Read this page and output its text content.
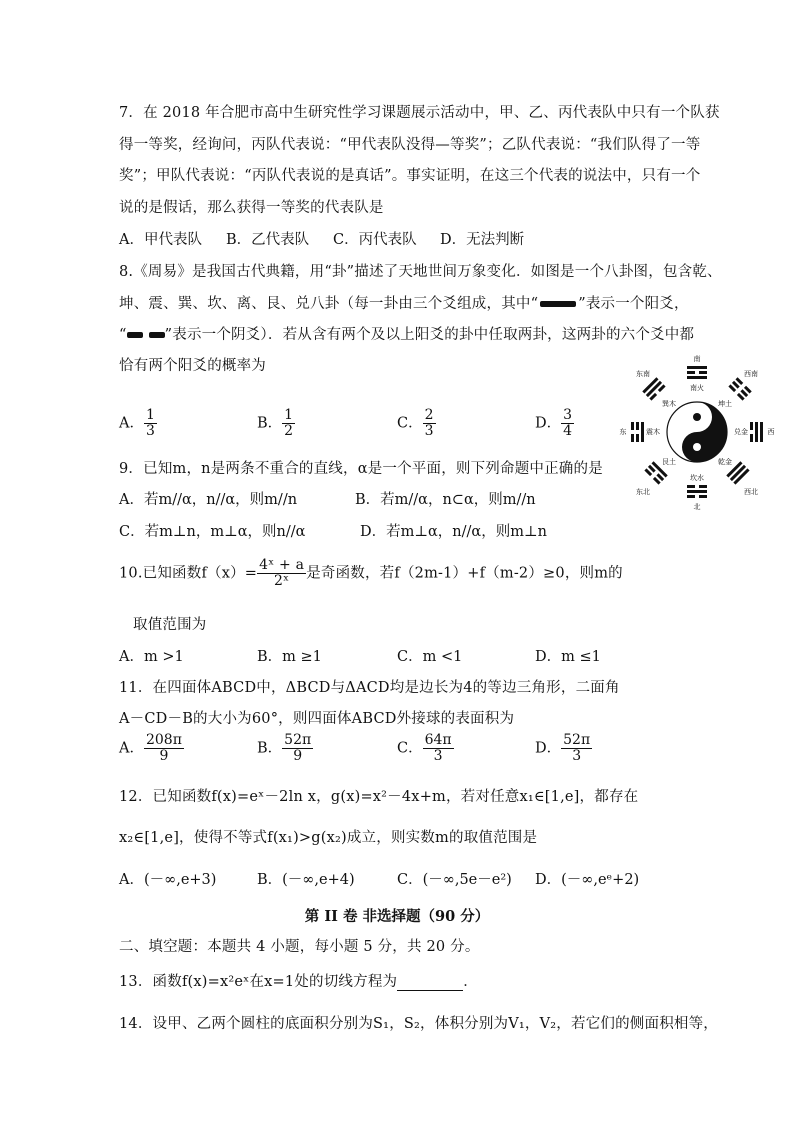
7．在 2018 年合肥市高中生研究性学习课题展示活动中，甲、乙、丙代表队中只有一个队获
得一等奖，经询问，丙队代表说：“甲代表队没得—等奖”；乙队代表说：“我们队得了一等
奖”；甲队代表说：“丙队代表说的是真话”。事实证明，在这三个代表的说法中，只有一个
说的是假话，那么获得一等奖的代表队是
A．甲代表队 B．乙代表队 C．丙代表队 D．无法判断
8.《周易》是我国古代典籍，用“卦”描述了天地世间万象变化．如图是一个八卦图，包含乾、
坤、震、巽、坎、离、艮、兑八卦（每一卦由三个爻组成，其中“	”表示一个阳爻，
“	”表示一个阴爻）．若从含有两个及以上阳爻的卦中任取两卦，这两卦的六个爻中都
恰有两个阳爻的概率为
A． $\frac{1}{3}$	B． $\frac{1}{2}$	C． $\frac{2}{3}$	D． $\frac{3}{4}$
南
北
东	西
南火
坎水
震木	兑金
东南	西南
东北	西北
巽木	坤土
艮土	乾金
9．已知m，n是两条不重合的直线，α是一个平面，则下列命题中正确的是
A．若m//α，n//α，则m//n	B．若m//α，n⊂α，则m//n
C．若m⊥n，m⊥α，则n//α	D．若m⊥α，n//α，则m⊥n
10.已知函数$f(x)= \frac{\text{4ˣ + a}}{\text{2ˣ}}$ 是奇函数，若f（2m-1）+f（m-2）≥0，则m的
取值范围为
A．m >1	B．m ≥1	C．m <1	D．m ≤1
11．在四面体ABCD中，ΔBCD与ΔACD均是边长为4的等边三角形，二面角
A－CD－B的大小为60°，则四面体ABCD外接球的表面积为
A． $\frac{208\pi}{9}$	B． $\frac{52\pi}{9}$	C． $\frac{64\pi}{3}$	D． $\frac{52\pi}{3}$
12．已知函数f(x)=eˣ－2ln x，g(x)=x²－4x+m，若对任意x₁∈[1,e]，都存在
x₂∈[1,e]，使得不等式f(x₁)>g(x₂)成立，则实数m的取值范围是
A．(－∞,e+3)	B．(－∞,e+4)	C．(－∞,5e－e²) D．(－∞,eᵉ+2)
第 II 卷 非选择题（90 分）
二、填空题：本题共 4 小题，每小题 5 分，共 20 分。
13．函数f(x)=x²eˣ在x=1处的切线方程为	．
14．设甲、乙两个圆柱的底面积分别为S₁，S₂，体积分别为V₁，V₂，若它们的侧面积相等，
